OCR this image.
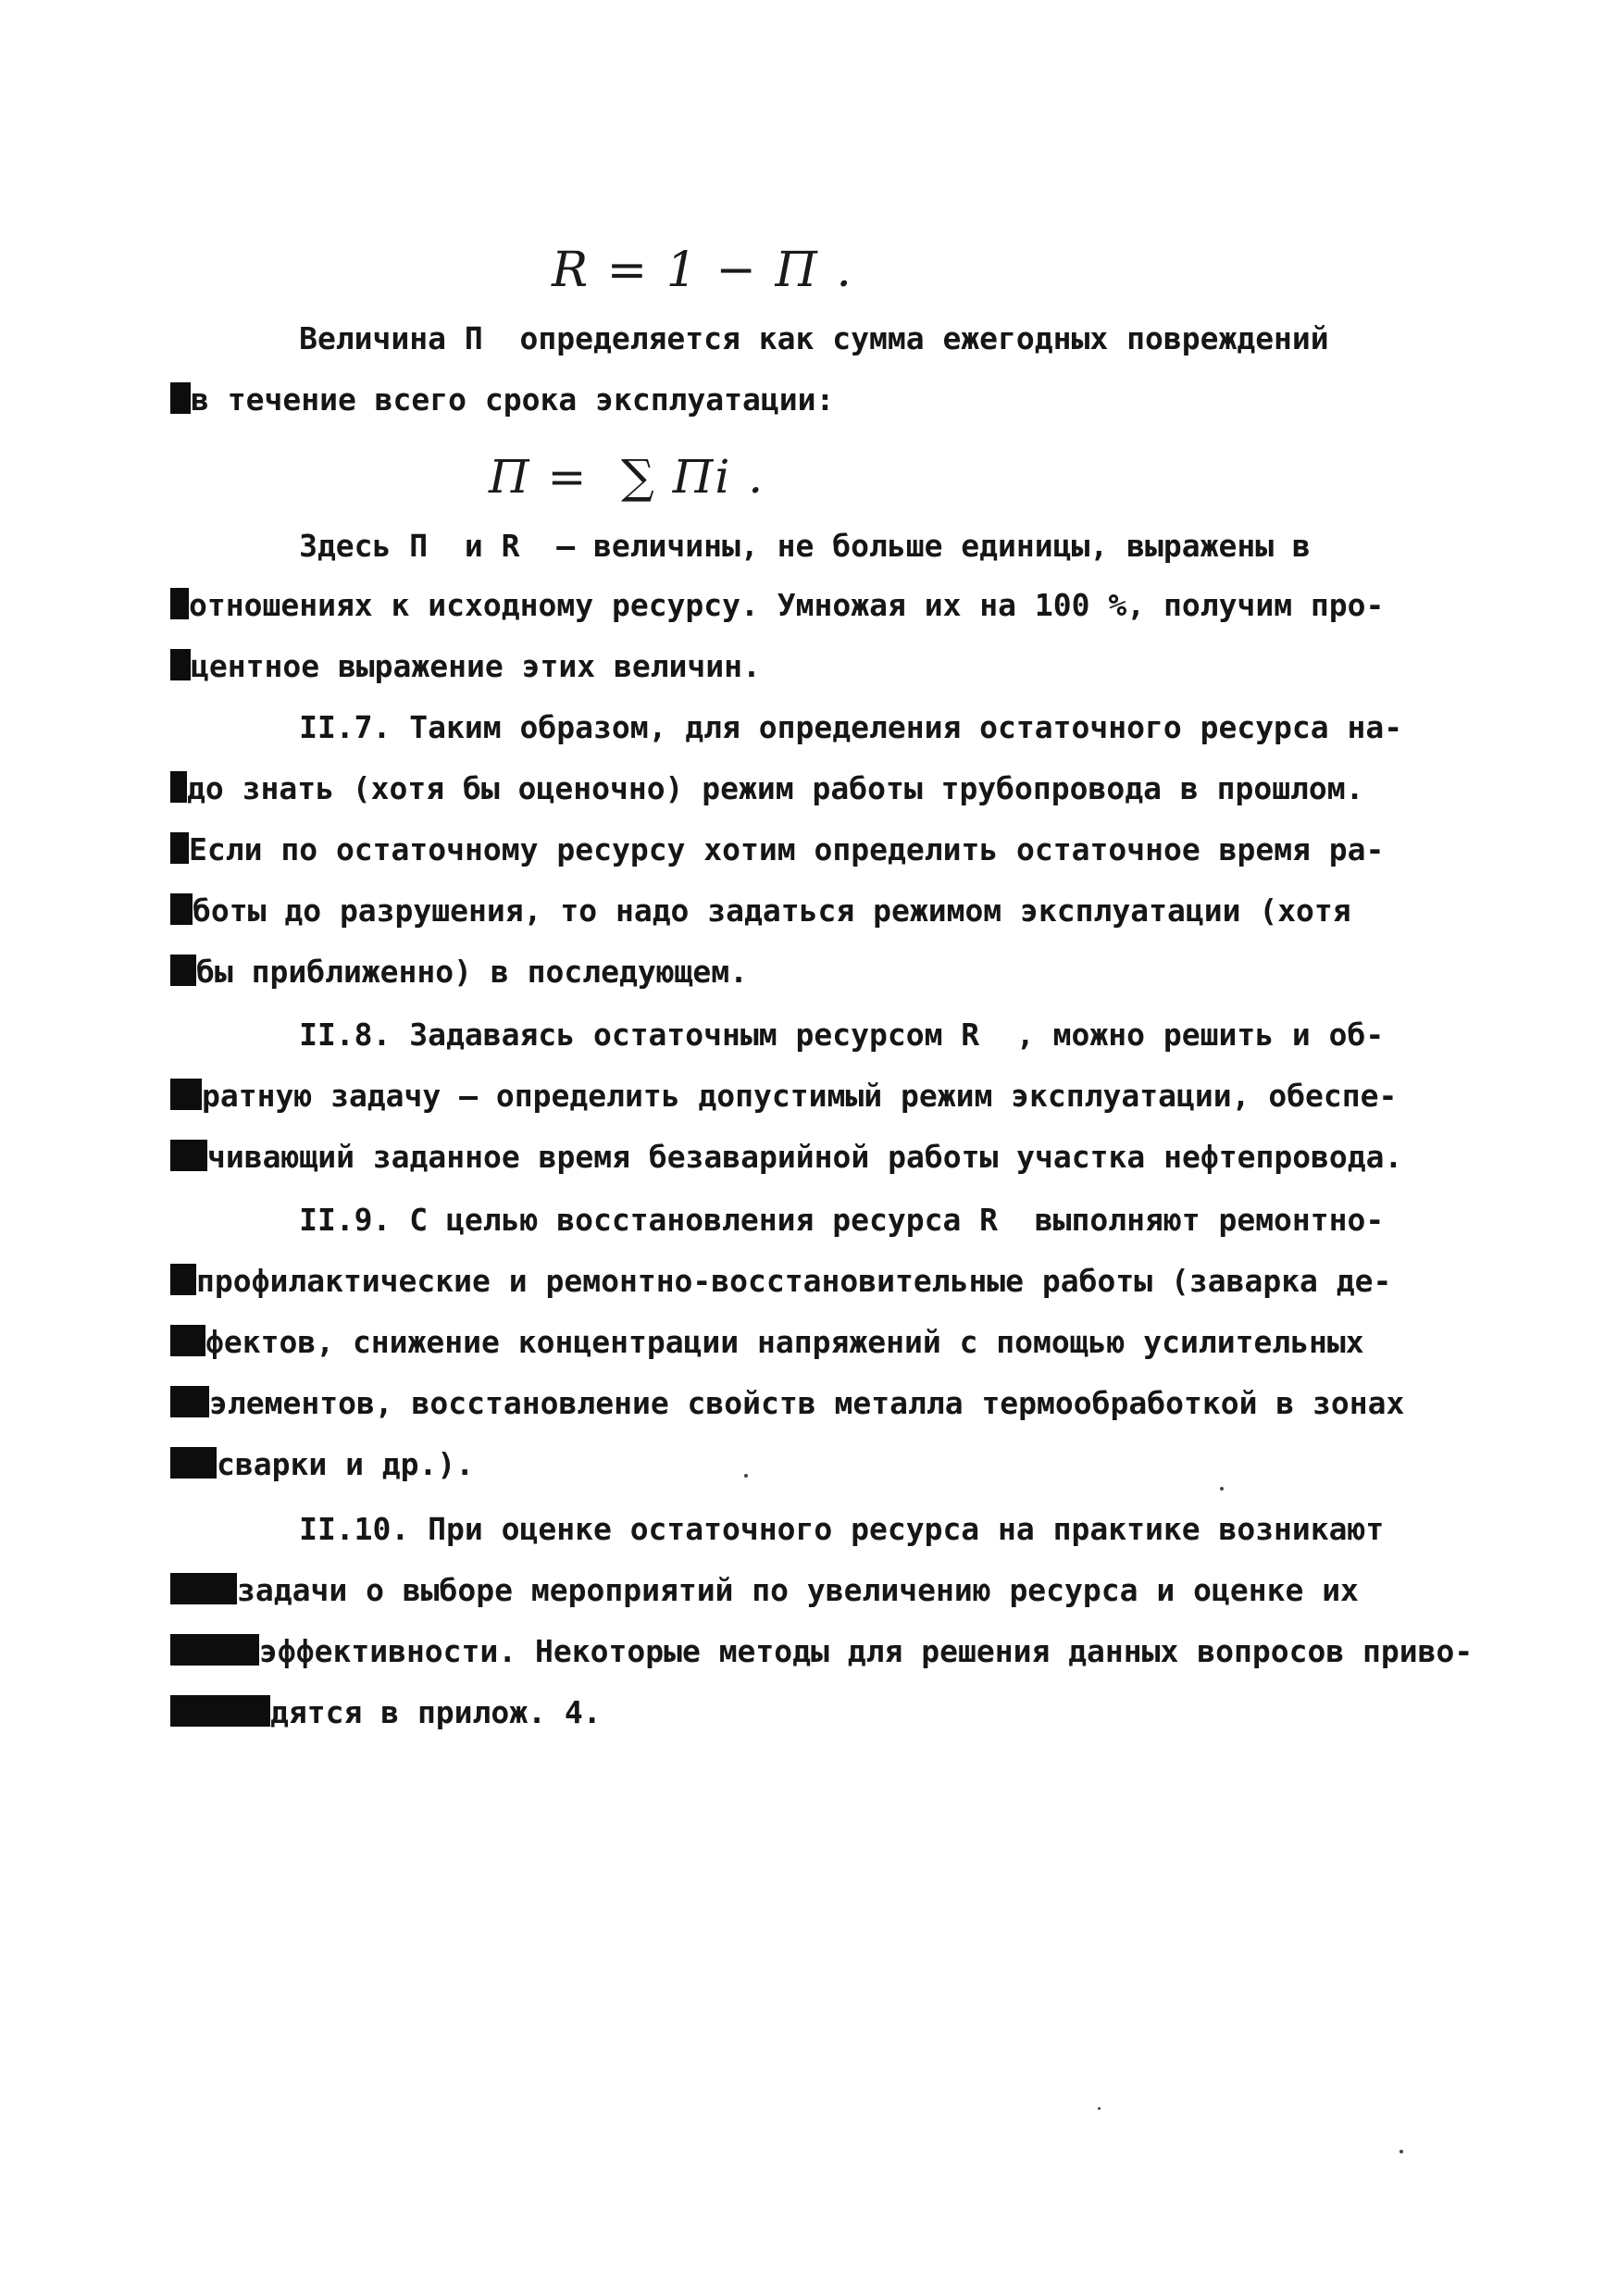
R = 1 − П .
Величина П  определяется как сумма ежегодных повреждений
в течение всего срока эксплуатации:
П =  ∑ Пi .
Здесь П  и R  – величины, не больше единицы, выражены в
отношениях к исходному ресурсу. Умножая их на 100 %, получим про-
центное выражение этих величин.
II.7. Таким образом, для определения остаточного ресурса на-
до знать (хотя бы оценочно) режим работы трубопровода в прошлом.
Если по остаточному ресурсу хотим определить остаточное время ра-
боты до разрушения, то надо задаться режимом эксплуатации (хотя
бы приближенно) в последующем.
II.8. Задаваясь остаточным ресурсом R  , можно решить и об-
ратную задачу – определить допустимый режим эксплуатации, обеспе-
чивающий заданное время безаварийной работы участка нефтепровода.
II.9. С целью восстановления ресурса R  выполняют ремонтно-
профилактические и ремонтно-восстановительные работы (заварка де-
фектов, снижение концентрации напряжений с помощью усилительных
элементов, восстановление свойств металла термообработкой в зонах
сварки и др.).
II.10. При оценке остаточного ресурса на практике возникают
задачи о выборе мероприятий по увеличению ресурса и оценке их
эффективности. Некоторые методы для решения данных вопросов приво-
дятся в прилож. 4.
